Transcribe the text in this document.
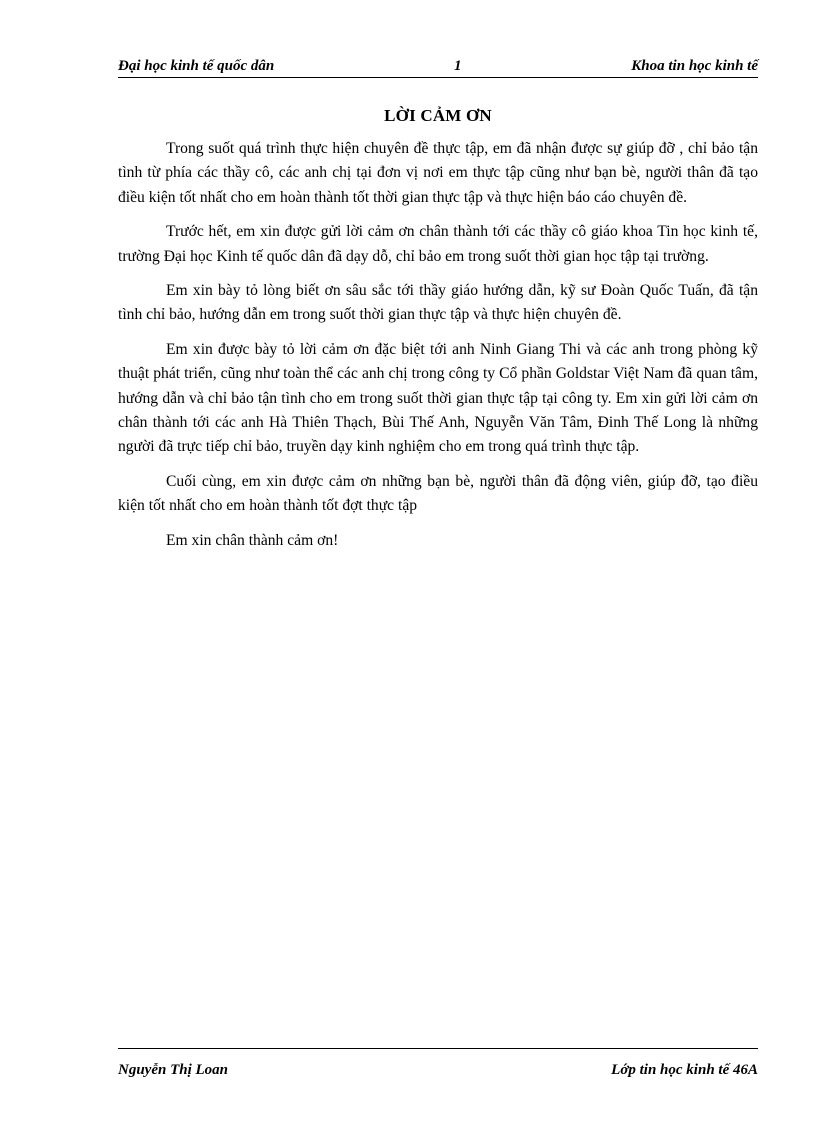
Đại học kinh tế quốc dân	1	Khoa tin học kinh tế
LỜI CẢM ƠN

Trong suốt quá trình thực hiện chuyên đề thực tập, em đã nhận được sự giúp đỡ , chỉ bảo tận tình từ phía các thầy cô, các anh chị tại đơn vị nơi em thực tập cũng như bạn bè, người thân đã tạo điều kiện tốt nhất cho em hoàn thành tốt thời gian thực tập và thực hiện báo cáo chuyên đề.

Trước hết, em xin được gửi lời cảm ơn chân thành tới các thầy cô giáo khoa Tin học kinh tế, trường Đại học Kinh tế quốc dân đã dạy dỗ, chỉ bảo em trong suốt thời gian học tập tại trường.

Em xin bày tỏ lòng biết ơn sâu sắc tới thầy giáo hướng dẫn, kỹ sư Đoàn Quốc Tuấn, đã tận tình chỉ bảo, hướng dẫn em trong suốt thời gian thực tập và thực hiện chuyên đề.

Em xin được bày tỏ lời cảm ơn đặc biệt tới anh Ninh Giang Thi và các anh trong phòng kỹ thuật phát triển, cũng như toàn thể các anh chị trong công ty Cổ phần Goldstar Việt Nam đã quan tâm, hướng dẫn và chỉ bảo tận tình cho em trong suốt thời gian thực tập tại công ty. Em xin gửi lời cảm ơn chân thành tới các anh Hà Thiên Thạch, Bùi Thế Anh, Nguyễn Văn Tâm, Đinh Thế Long là những người đã trực tiếp chỉ bảo, truyền dạy kinh nghiệm cho em trong quá trình thực tập.

Cuối cùng, em xin được cảm ơn những bạn bè, người thân đã động viên, giúp đỡ, tạo điều kiện tốt nhất cho em hoàn thành tốt đợt thực tập

Em xin chân thành cảm ơn!

Nguyễn Thị Loan	Lớp tin học kinh tế 46A
